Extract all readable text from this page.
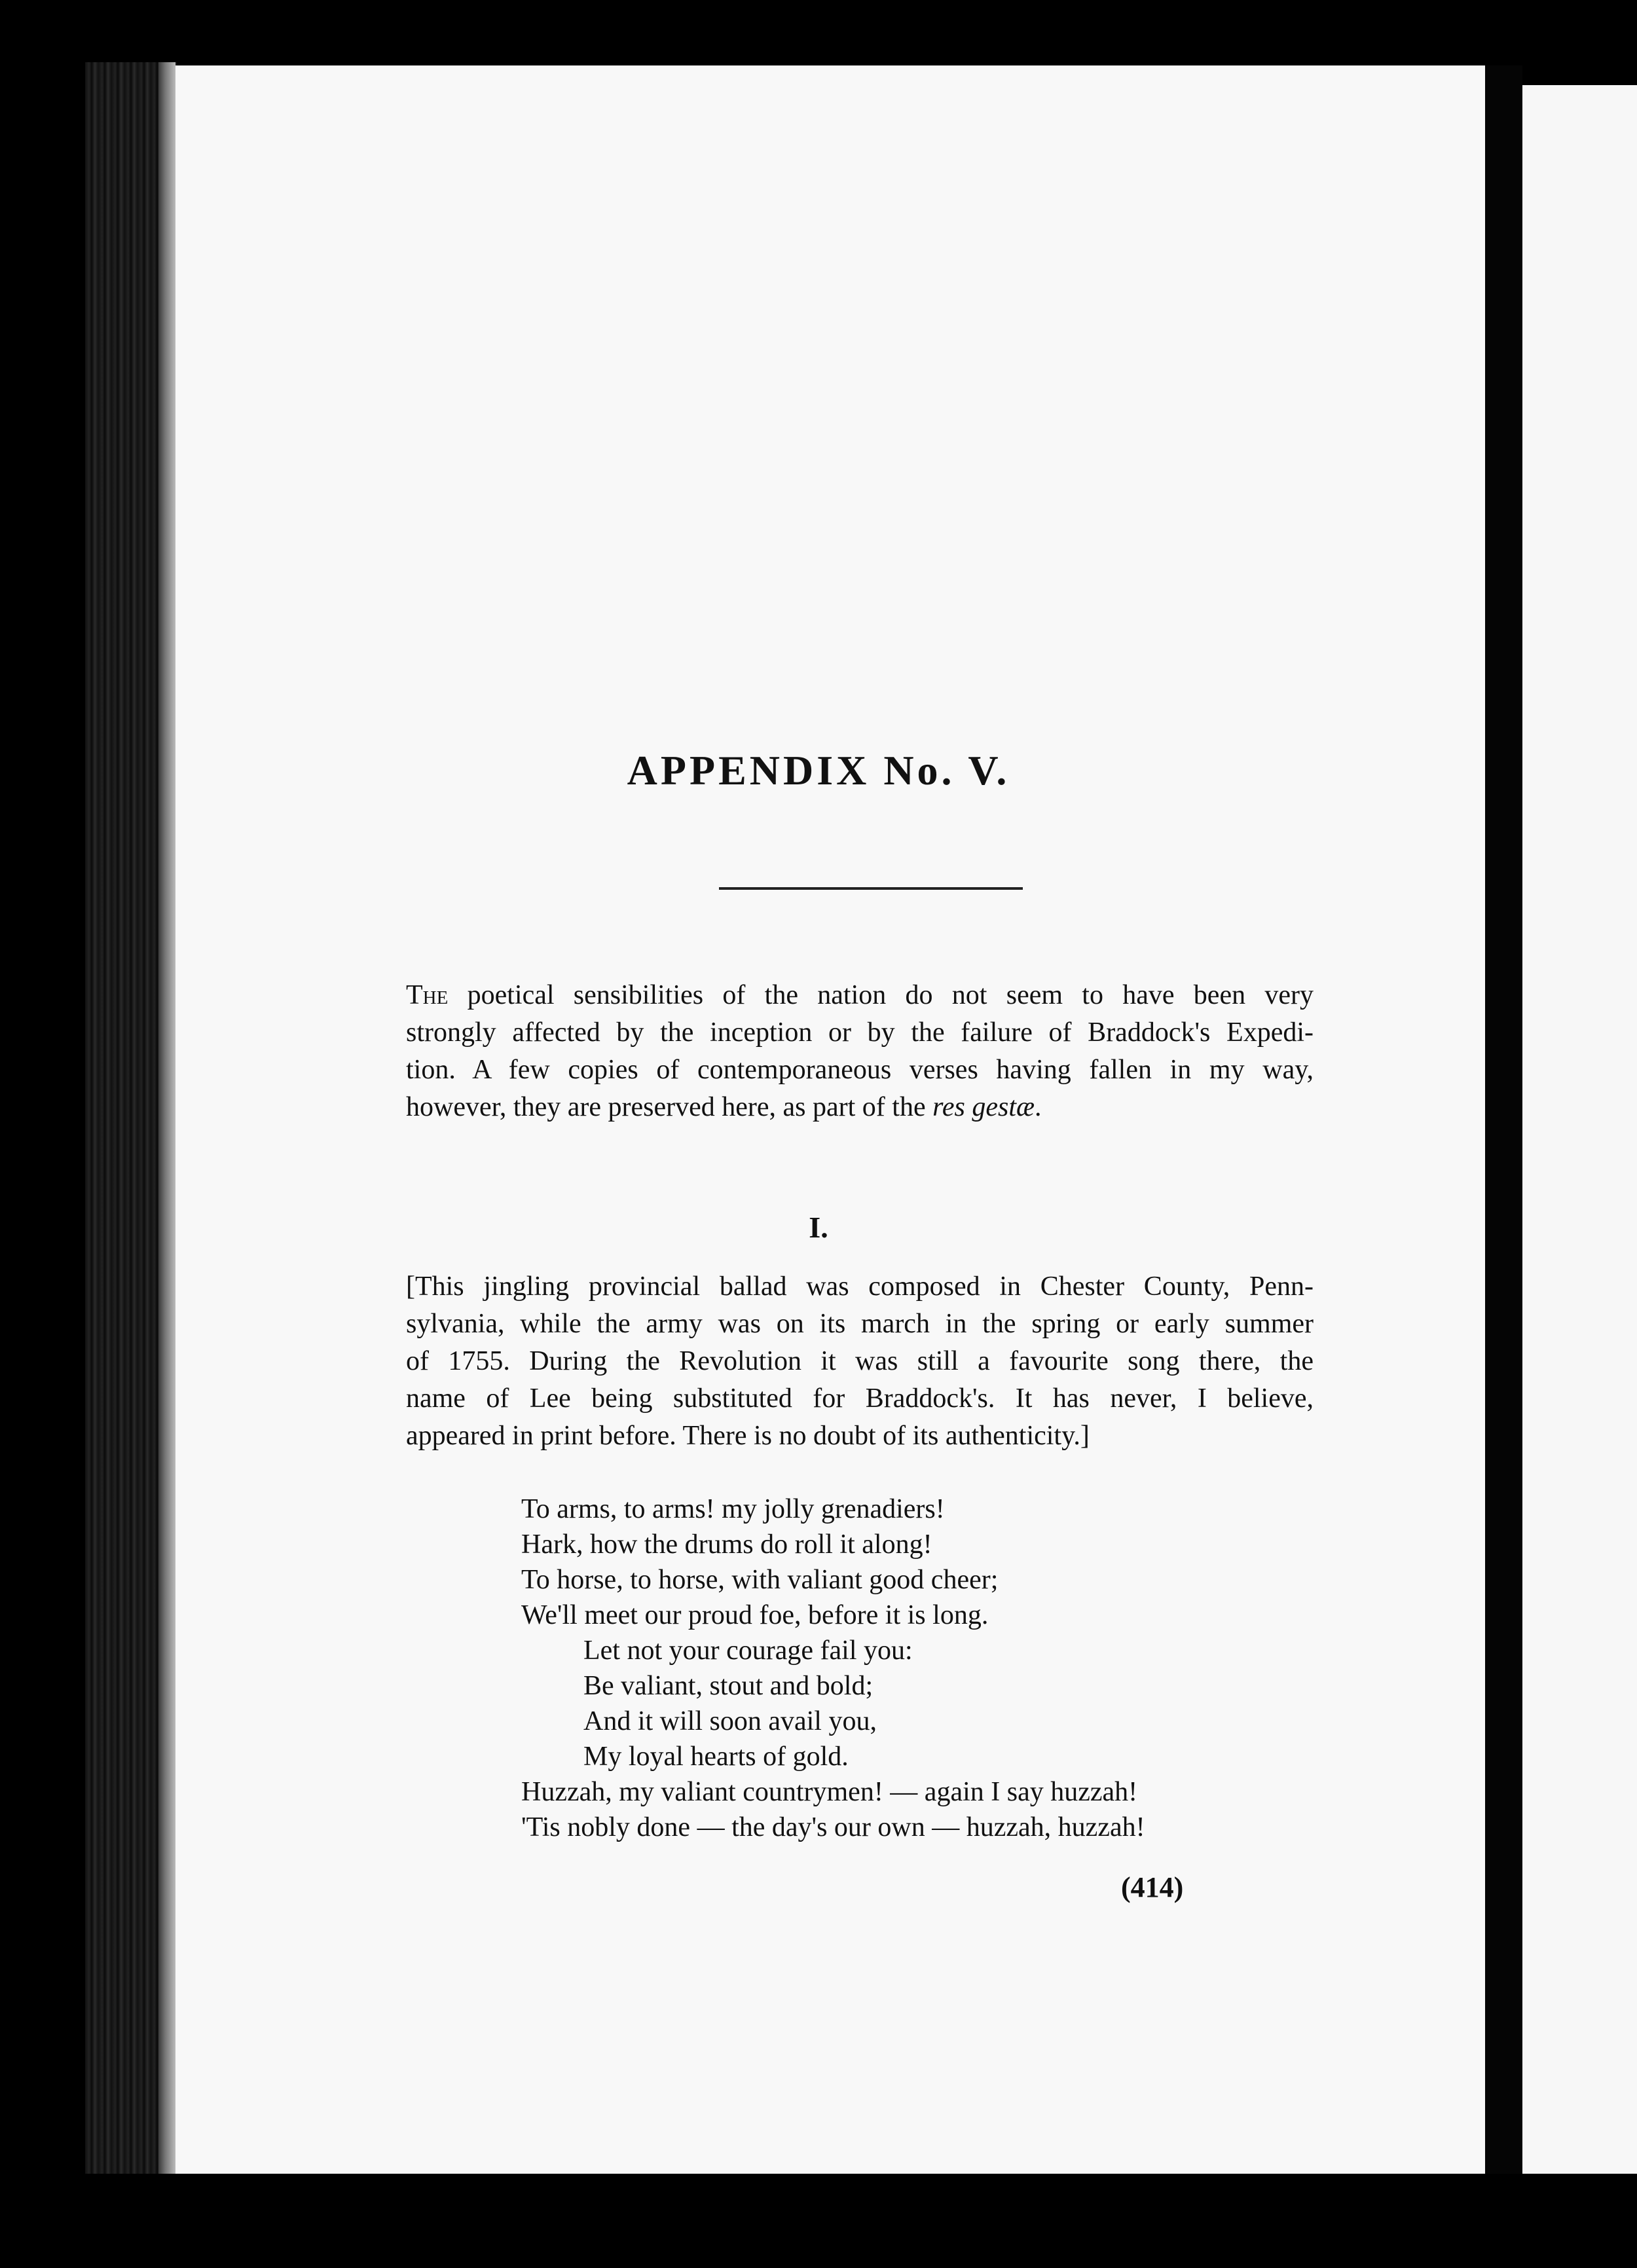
APPENDIX No. V.
The poetical sensibilities of the nation do not seem to have been very
strongly affected by the inception or by the failure of Braddock's Expedi-
tion. A few copies of contemporaneous verses having fallen in my way,
however, they are preserved here, as part of the res gestæ.
I.
[This jingling provincial ballad was composed in Chester County, Penn-
sylvania, while the army was on its march in the spring or early summer
of 1755. During the Revolution it was still a favourite song there, the
name of Lee being substituted for Braddock's. It has never, I believe,
appeared in print before. There is no doubt of its authenticity.]
To arms, to arms! my jolly grenadiers!
Hark, how the drums do roll it along!
To horse, to horse, with valiant good cheer;
We'll meet our proud foe, before it is long.
Let not your courage fail you:
Be valiant, stout and bold;
And it will soon avail you,
My loyal hearts of gold.
Huzzah, my valiant countrymen! — again I say huzzah!
'Tis nobly done — the day's our own — huzzah, huzzah!
(414)
